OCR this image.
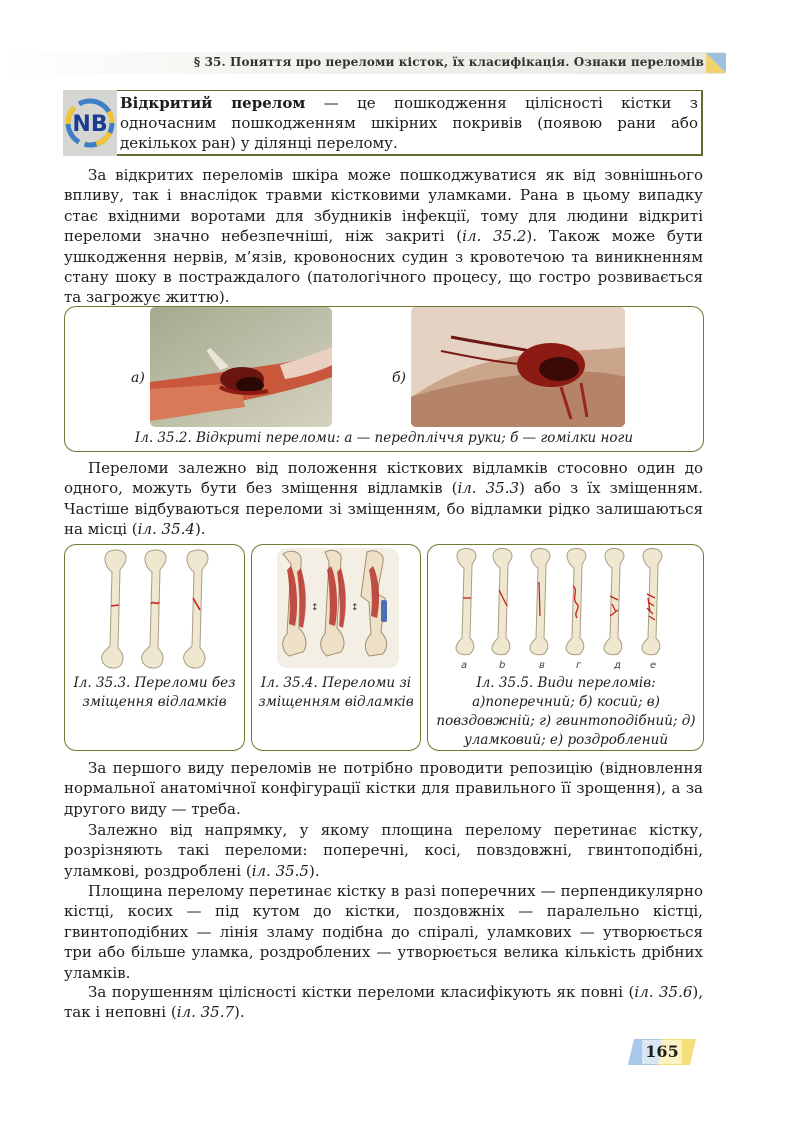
§ 35. Поняття про переломи кісток, їх класифікація. Ознаки переломів
NB
Відкритий перелом — це пошкодження цілісності кістки з одночасним пошкодженням шкірних покривів (появою рани або декількох ран) у ділянці перелому.
За відкритих переломів шкіра може пошкоджуватися як від зовнішнього впливу, так і внаслідок травми кістковими уламками. Рана в цьому випадку стає вхідними воротами для збудників інфекції, тому для людини відкриті переломи значно небезпечніші, ніж закриті (іл. 35.2). Також може бути ушкодження нервів, м’язів, кровоносних судин з кровотечою та виникненням стану шоку в постраждалого (патологічного процесу, що гостро розвивається та загрожує життю).
а)	б)
Іл. 35.2. Відкриті переломи: а — передпліччя руки; б — гомілки ноги
Переломи залежно від положення кісткових відламків стосовно один до одного, можуть бути без зміщення відламків (іл. 35.3) або з їх зміщенням. Частіше відбуваються переломи зі зміщенням, бо відламки рідко залишаються на місці (іл. 35.4).
Іл. 35.3. Переломи без зміщення відламків
↕	↕
Іл. 35.4. Переломи зі зміщенням відламків
а	b	в	г	д	е
Іл. 35.5. Види переломів: а)поперечний; б) косий; в) повздовжній; г) гвинтоподібний; д) уламковий; е) роздроблений
За першого виду переломів не потрібно проводити репозицію (відновлення нормальної анатомічної конфігурації кістки для правильного її зрощення), а за другого виду — треба.
Залежно від напрямку, у якому площина перелому перетинає кістку, розрізняють такі переломи: поперечні, косі, повздовжні, гвинтоподібні, уламкові, роздроблені (іл. 35.5).
Площина перелому перетинає кістку в разі поперечних — перпендикулярно кістці, косих — під кутом до кістки, поздовжніх — паралельно кістці, гвинтоподібних — лінія зламу подібна до спіралі, уламкових — утворюється три або більше уламка, роздроблених — утворюється велика кількість дрібних уламків.
За порушенням цілісності кістки переломи класифікують як повні (іл. 35.6), так і неповні (іл. 35.7).
165
